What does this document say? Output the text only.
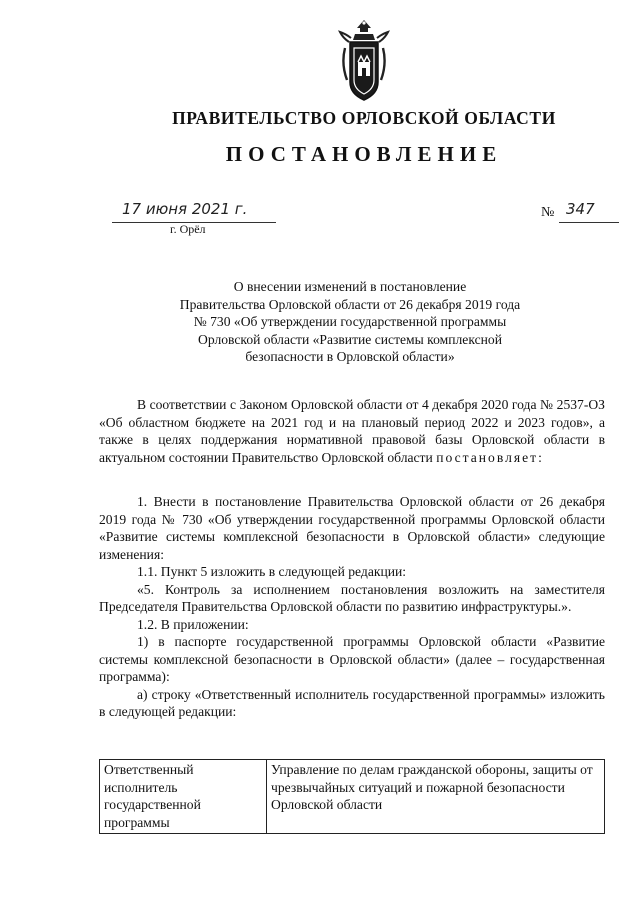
ПРАВИТЕЛЬСТВО ОРЛОВСКОЙ ОБЛАСТИ
ПОСТАНОВЛЕНИЕ
17 июня 2021 г.
г. Орёл
№ 347
О внесении изменений в постановление
Правительства Орловской области от 26 декабря 2019 года
№ 730 «Об утверждении государственной программы
Орловской области «Развитие системы комплексной
безопасности в Орловской области»
В соответствии с Законом Орловской области от 4 декабря 2020 года № 2537-ОЗ «Об областном бюджете на 2021 год и на плановый период 2022 и 2023 годов», а также в целях поддержания нормативной правовой базы Орловской области в актуальном состоянии Правительство Орловской области постановляет:
1. Внести в постановление Правительства Орловской области от 26 декабря 2019 года № 730 «Об утверждении государственной программы Орловской области «Развитие системы комплексной безопасности в Орловской области» следующие изменения:
1.1. Пункт 5 изложить в следующей редакции:
«5. Контроль за исполнением постановления возложить на заместителя Председателя Правительства Орловской области по развитию инфраструктуры.».
1.2. В приложении:
1) в паспорте государственной программы Орловской области «Развитие системы комплексной безопасности в Орловской области» (далее – государственная программа):
а) строку «Ответственный исполнитель государственной программы» изложить в следующей редакции:
Ответственный исполнитель государственной программы	Управление по делам гражданской обороны, защиты от чрезвычайных ситуаций и пожарной безопасности Орловской области
